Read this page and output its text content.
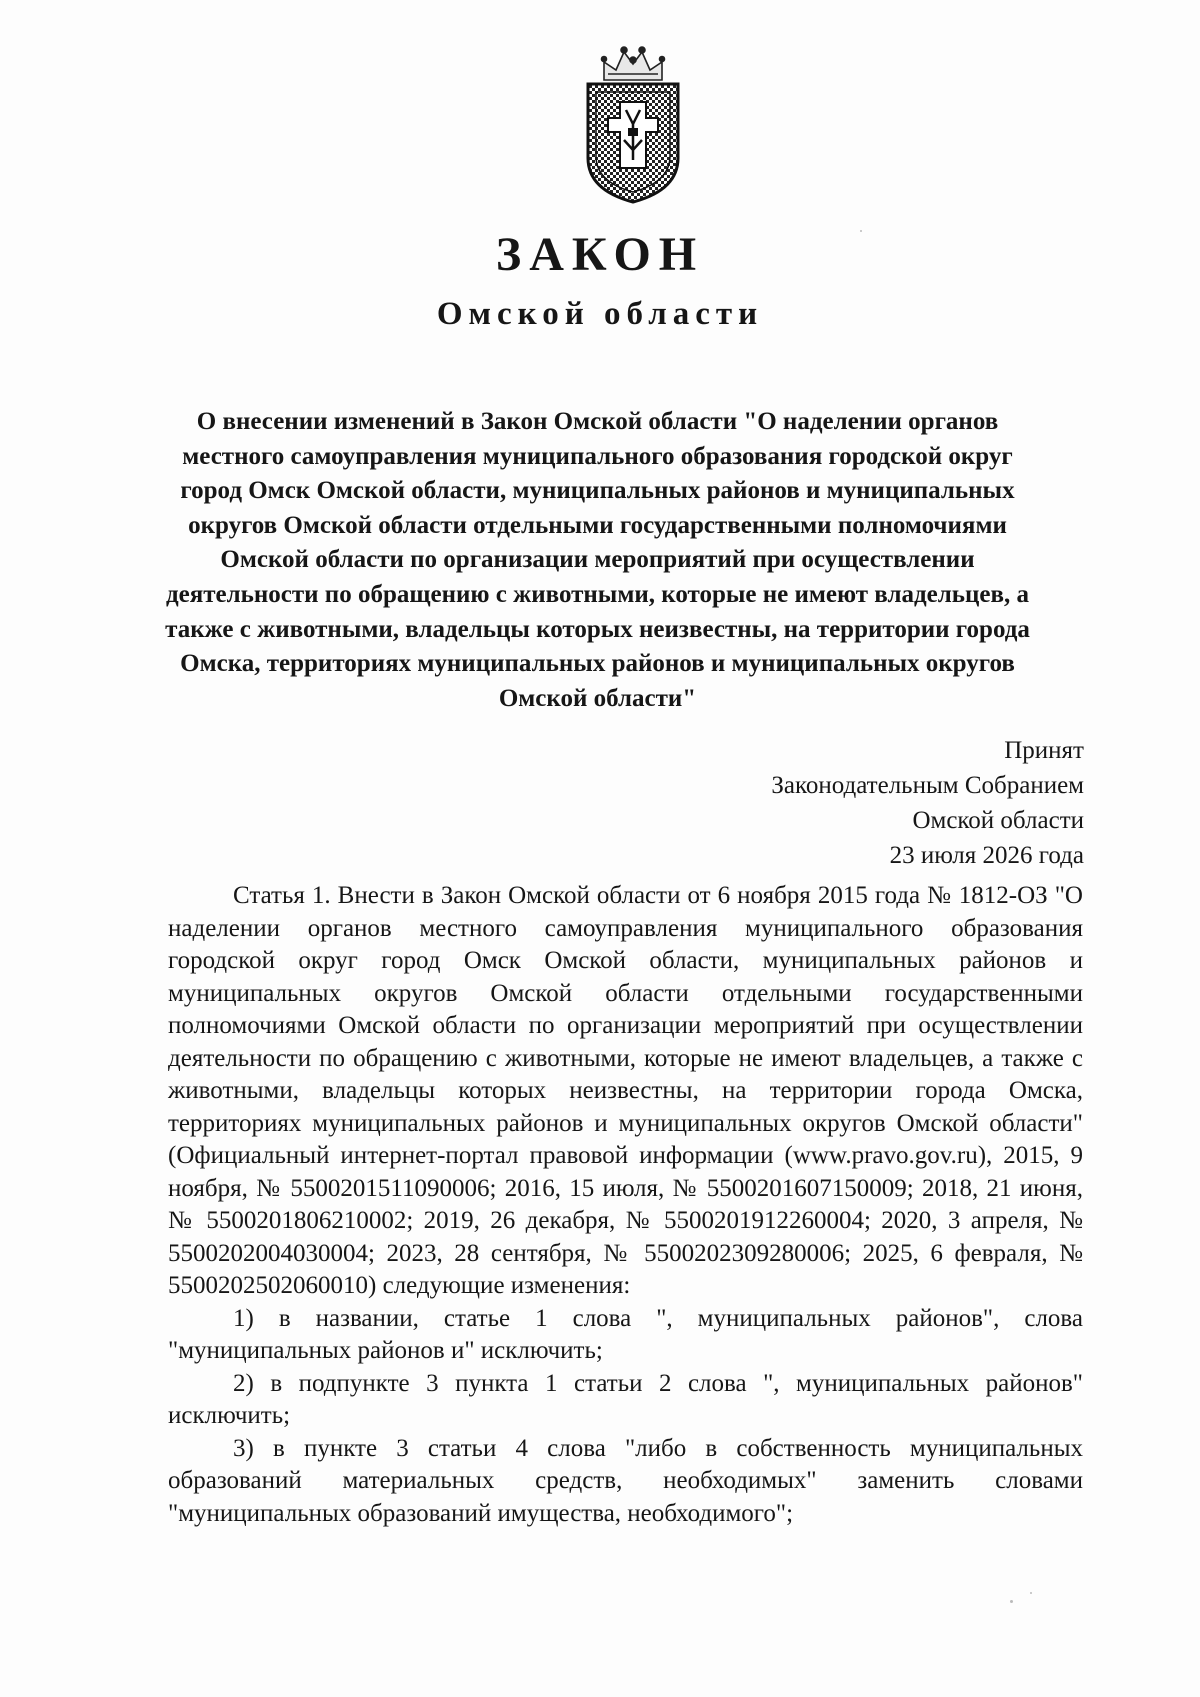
ЗАКОН
Омской области

О внесении изменений в Закон Омской области "О наделении органов местного самоуправления муниципального образования городской округ город Омск Омской области, муниципальных районов и муниципальных округов Омской области отдельными государственными полномочиями Омской области по организации мероприятий при осуществлении деятельности по обращению с животными, которые не имеют владельцев, а также с животными, владельцы которых неизвестны, на территории города Омска, территориях муниципальных районов и муниципальных округов Омской области"

Принят
Законодательным Собранием
Омской области
23 июля 2026 года

Статья 1. Внести в Закон Омской области от 6 ноября 2015 года № 1812-ОЗ "О наделении органов местного самоуправления муниципального образования городской округ город Омск Омской области, муниципальных районов и муниципальных округов Омской области отдельными государственными полномочиями Омской области по организации мероприятий при осуществлении деятельности по обращению с животными, которые не имеют владельцев, а также с животными, владельцы которых неизвестны, на территории города Омска, территориях муниципальных районов и муниципальных округов Омской области" (Официальный интернет-портал правовой информации (www.pravo.gov.ru), 2015, 9 ноября, № 5500201511090006; 2016, 15 июля, № 5500201607150009; 2018, 21 июня, № 5500201806210002; 2019, 26 декабря, № 5500201912260004; 2020, 3 апреля, № 5500202004030004; 2023, 28 сентября, № 5500202309280006; 2025, 6 февраля, № 5500202502060010) следующие изменения:

1) в названии, статье 1 слова ", муниципальных районов", слова "муниципальных районов и" исключить;

2) в подпункте 3 пункта 1 статьи 2 слова ", муниципальных районов" исключить;

3) в пункте 3 статьи 4 слова "либо в собственность муниципальных образований материальных средств, необходимых" заменить словами "муниципальных образований имущества, необходимого";
